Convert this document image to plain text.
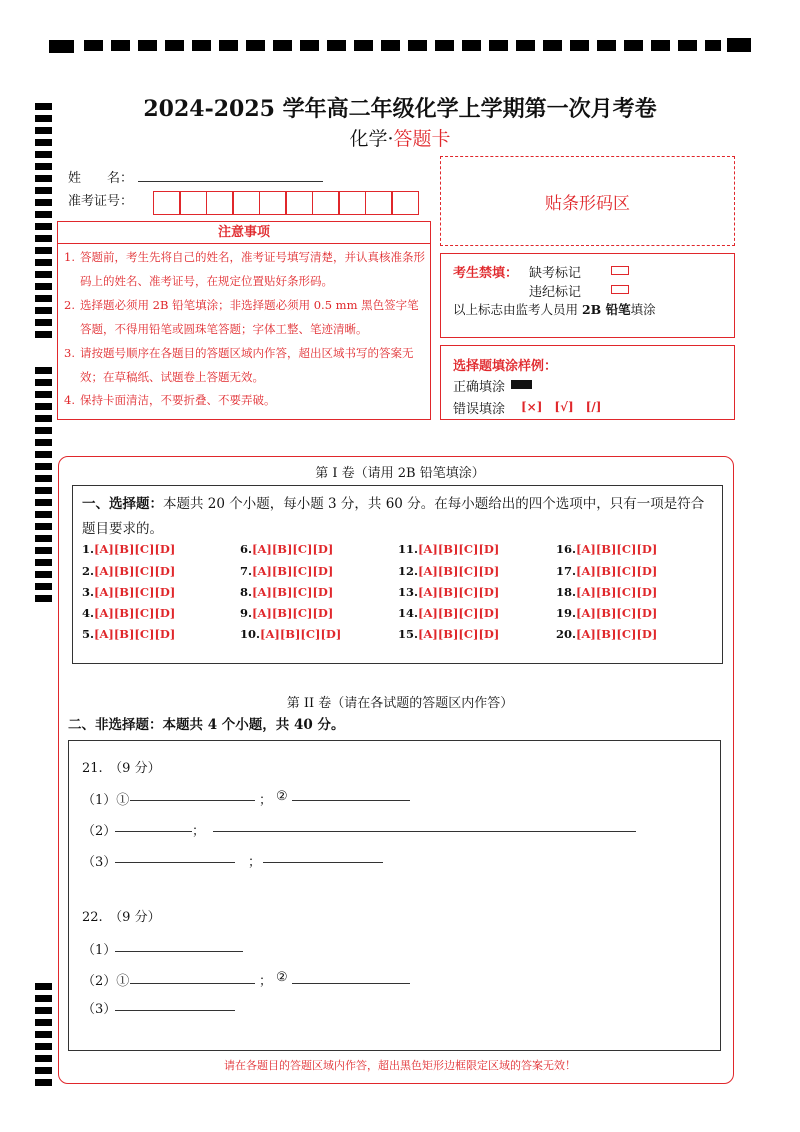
2024-2025 学年高二年级化学上学期第一次月考卷
化学·答题卡
姓　　名：
准考证号：	贴条形码区
注意事项
1. 答题前，考生先将自己的姓名，准考证号填写清楚，并认真核准条形码上的姓名、准考证号，在规定位置贴好条形码。
2. 选择题必须用 2B 铅笔填涂；非选择题必须用 0.5 mm 黑色签字笔答题，不得用铅笔或圆珠笔答题；字体工整、笔迹清晰。
3. 请按题号顺序在各题目的答题区域内作答，超出区域书写的答案无效；在草稿纸、试题卷上答题无效。
4. 保持卡面清洁，不要折叠、不要弄破。
考生禁填： 缺考标记
违纪标记
以上标志由监考人员用 2B 铅笔填涂
选择题填涂样例：
正确填涂
错误填涂 [×]　[√]　[/]
第 I 卷（请用 2B 铅笔填涂）
一、选择题：本题共 20 个小题，每小题 3 分，共 60 分。在每小题给出的四个选项中，只有一项是符合题目要求的。
1.[A][B][C][D]
2.[A][B][C][D]
3.[A][B][C][D]
4.[A][B][C][D]
5.[A][B][C][D]
6.[A][B][C][D]
7.[A][B][C][D]
8.[A][B][C][D]
9.[A][B][C][D]
10.[A][B][C][D]
11.[A][B][C][D]
12.[A][B][C][D]
13.[A][B][C][D]
14.[A][B][C][D]
15.[A][B][C][D]
16.[A][B][C][D]
17.[A][B][C][D]
18.[A][B][C][D]
19.[A][B][C][D]
20.[A][B][C][D]
第 II 卷（请在各试题的答题区内作答）
二、非选择题：本题共 4 个小题，共 40 分。
21.　（9 分）
（1）①	； ②
（2）	；
（3）	；
22.　（9 分）
（1）
（2）①	； ②
（3）
请在各题目的答题区域内作答，超出黑色矩形边框限定区域的答案无效！
